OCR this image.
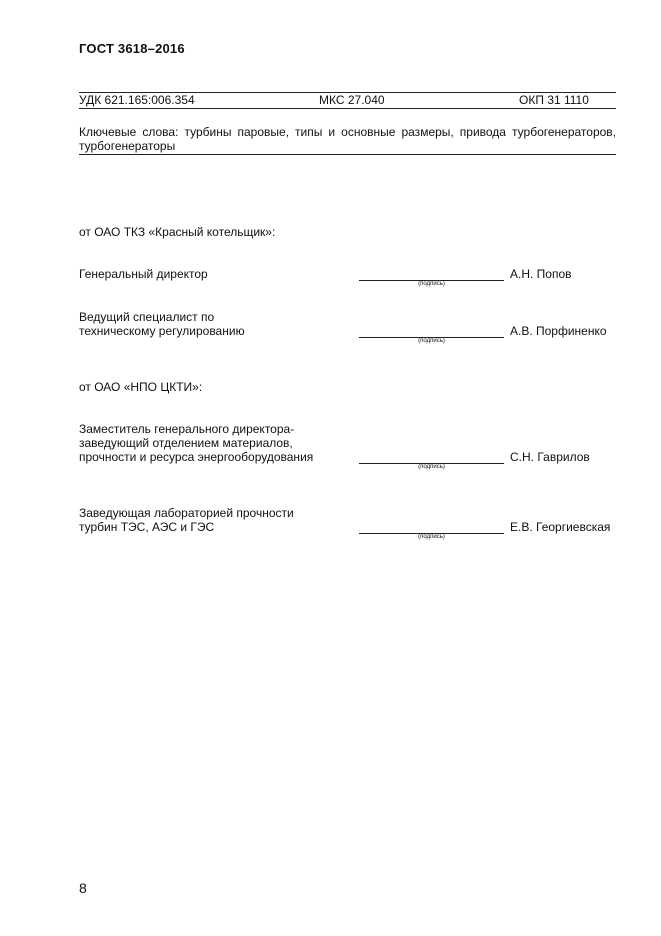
ГОСТ 3618–2016
УДК 621.165:006.354	МКС 27.040	ОКП 31 1110
Ключевые слова: турбины паровые, типы и основные размеры, привода турбогенераторов, турбогенераторы
от ОАО ТКЗ «Красный котельщик»:
Генеральный директор
(подпись)
А.Н. Попов
Ведущий специалист по
техническому регулированию
(подпись)
А.В. Порфиненко
от ОАО «НПО ЦКТИ»:
Заместитель генерального директора-
заведующий отделением материалов,
прочности и ресурса энергооборудования
(подпись)
С.Н. Гаврилов
Заведующая лабораторией прочности
турбин ТЭС, АЭС и ГЭС
(подпись)
Е.В. Георгиевская
8
